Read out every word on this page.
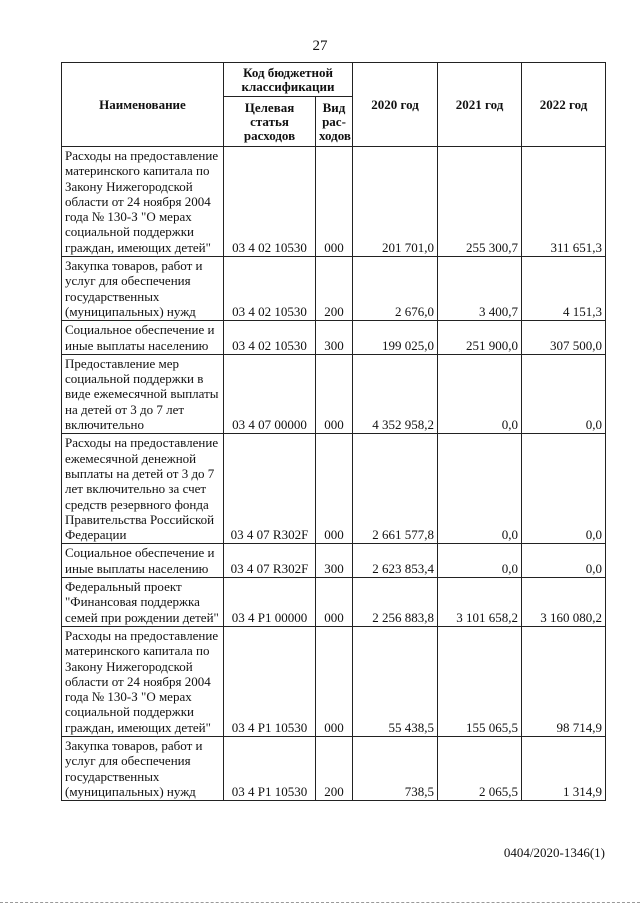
27
Наименование	Код бюджетной классификации		2020 год	2021 год	2022 год
	Целевая статья расходов	Вид рас-ходов			
Расходы на предоставление материнского капитала по Закону Нижегородской области от 24 ноября 2004 года № 130-З "О мерах социальной поддержки граждан, имеющих детей"	03 4 02 10530	000	201 701,0	255 300,7	311 651,3
Закупка товаров, работ и услуг для обеспечения государственных (муниципальных) нужд	03 4 02 10530	200	2 676,0	3 400,7	4 151,3
Социальное обеспечение и иные выплаты населению	03 4 02 10530	300	199 025,0	251 900,0	307 500,0
Предоставление мер социальной поддержки в виде ежемесячной выплаты на детей от 3 до 7 лет включительно	03 4 07 00000	000	4 352 958,2	0,0	0,0
Расходы на предоставление ежемесячной денежной выплаты на детей от 3 до 7 лет включительно за счет средств резервного фонда Правительства Российской Федерации	03 4 07 R302F	000	2 661 577,8	0,0	0,0
Социальное обеспечение и иные выплаты населению	03 4 07 R302F	300	2 623 853,4	0,0	0,0
Федеральный проект "Финансовая поддержка семей при рождении детей"	03 4 P1 00000	000	2 256 883,8	3 101 658,2	3 160 080,2
Расходы на предоставление материнского капитала по Закону Нижегородской области от 24 ноября 2004 года № 130-З "О мерах социальной поддержки граждан, имеющих детей"	03 4 P1 10530	000	55 438,5	155 065,5	98 714,9
Закупка товаров, работ и услуг для обеспечения государственных (муниципальных) нужд	03 4 P1 10530	200	738,5	2 065,5	1 314,9
0404/2020-1346(1)
